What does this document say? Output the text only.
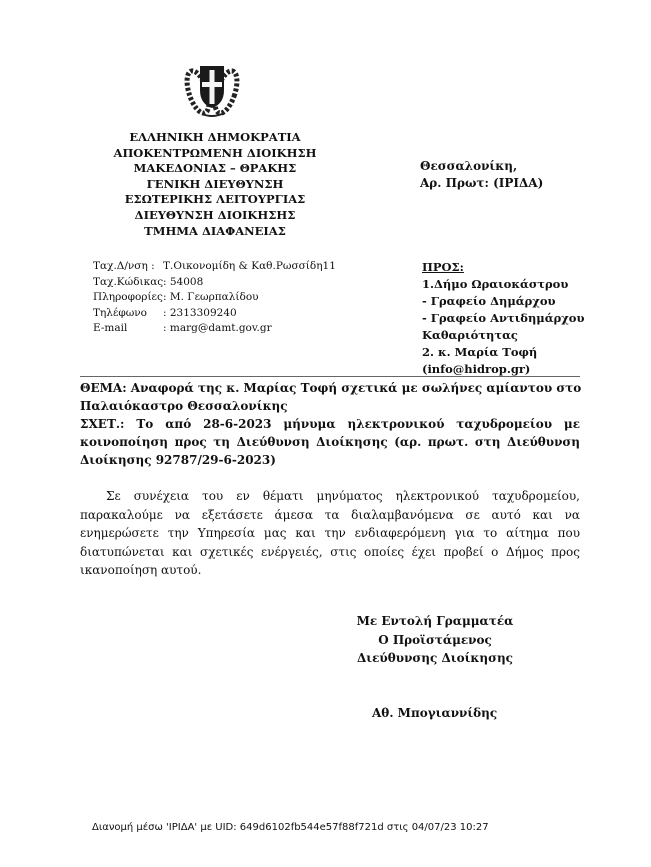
ΕΛΛΗΝΙΚΗ ΔΗΜΟΚΡΑΤΙΑ
ΑΠΟΚΕΝΤΡΩΜΕΝΗ ΔΙΟΙΚΗΣΗ
ΜΑΚΕΔΟΝΙΑΣ – ΘΡΑΚΗΣ
ΓΕΝΙΚΗ ΔΙΕΥΘΥΝΣΗ
ΕΣΩΤΕΡΙΚΗΣ ΛΕΙΤΟΥΡΓΙΑΣ
ΔΙΕΥΘΥΝΣΗ ΔΙΟΙΚΗΣΗΣ
ΤΜΗΜΑ ΔΙΑΦΑΝΕΙΑΣ
Θεσσαλονίκη,
Αρ. Πρωτ: (ΙΡΙΔΑ)
Ταχ.Δ/νση : Τ.Οικονομίδη & Καθ.Ρωσσίδη11
Ταχ.Κώδικας : 54008
Πληροφορίες : Μ. Γεωρπαλίδου
Τηλέφωνο	: 2313309240
E-mail	: marg@damt.gov.gr
ΠΡΟΣ:
1.Δήμο Ωραιοκάστρου
- Γραφείο Δημάρχου
- Γραφείο Αντιδημάρχου
Καθαριότητας
2. κ. Μαρία Τοφή
(info@hidrop.gr)
ΘΕΜΑ: Αναφορά της κ. Μαρίας Τοφή σχετικά με σωλήνες αμίαντου στο
Παλαιόκαστρο Θεσσαλονίκης
ΣΧΕΤ.: Το από 28-6-2023 μήνυμα ηλεκτρονικού ταχυδρομείου με
κοινοποίηση προς τη Διεύθυνση Διοίκησης (αρ. πρωτ. στη Διεύθυνση
Διοίκησης 92787/29-6-2023)
Σε συνέχεια του εν θέματι μηνύματος ηλεκτρονικού ταχυδρομείου,
παρακαλούμε να εξετάσετε άμεσα τα διαλαμβανόμενα σε αυτό και να
ενημερώσετε την Υπηρεσία μας και την ενδιαφερόμενη για το αίτημα που
διατυπώνεται και σχετικές ενέργειές, στις οποίες έχει προβεί ο Δήμος προς
ικανοποίηση αυτού.
Με Εντολή Γραμματέα
Ο Προϊστάμενος
Διεύθυνσης Διοίκησης
Αθ. Μπογιαννίδης
Διανομή μέσω 'ΙΡΙΔΑ' με UID: 649d6102fb544e57f88f721d στις 04/07/23 10:27
